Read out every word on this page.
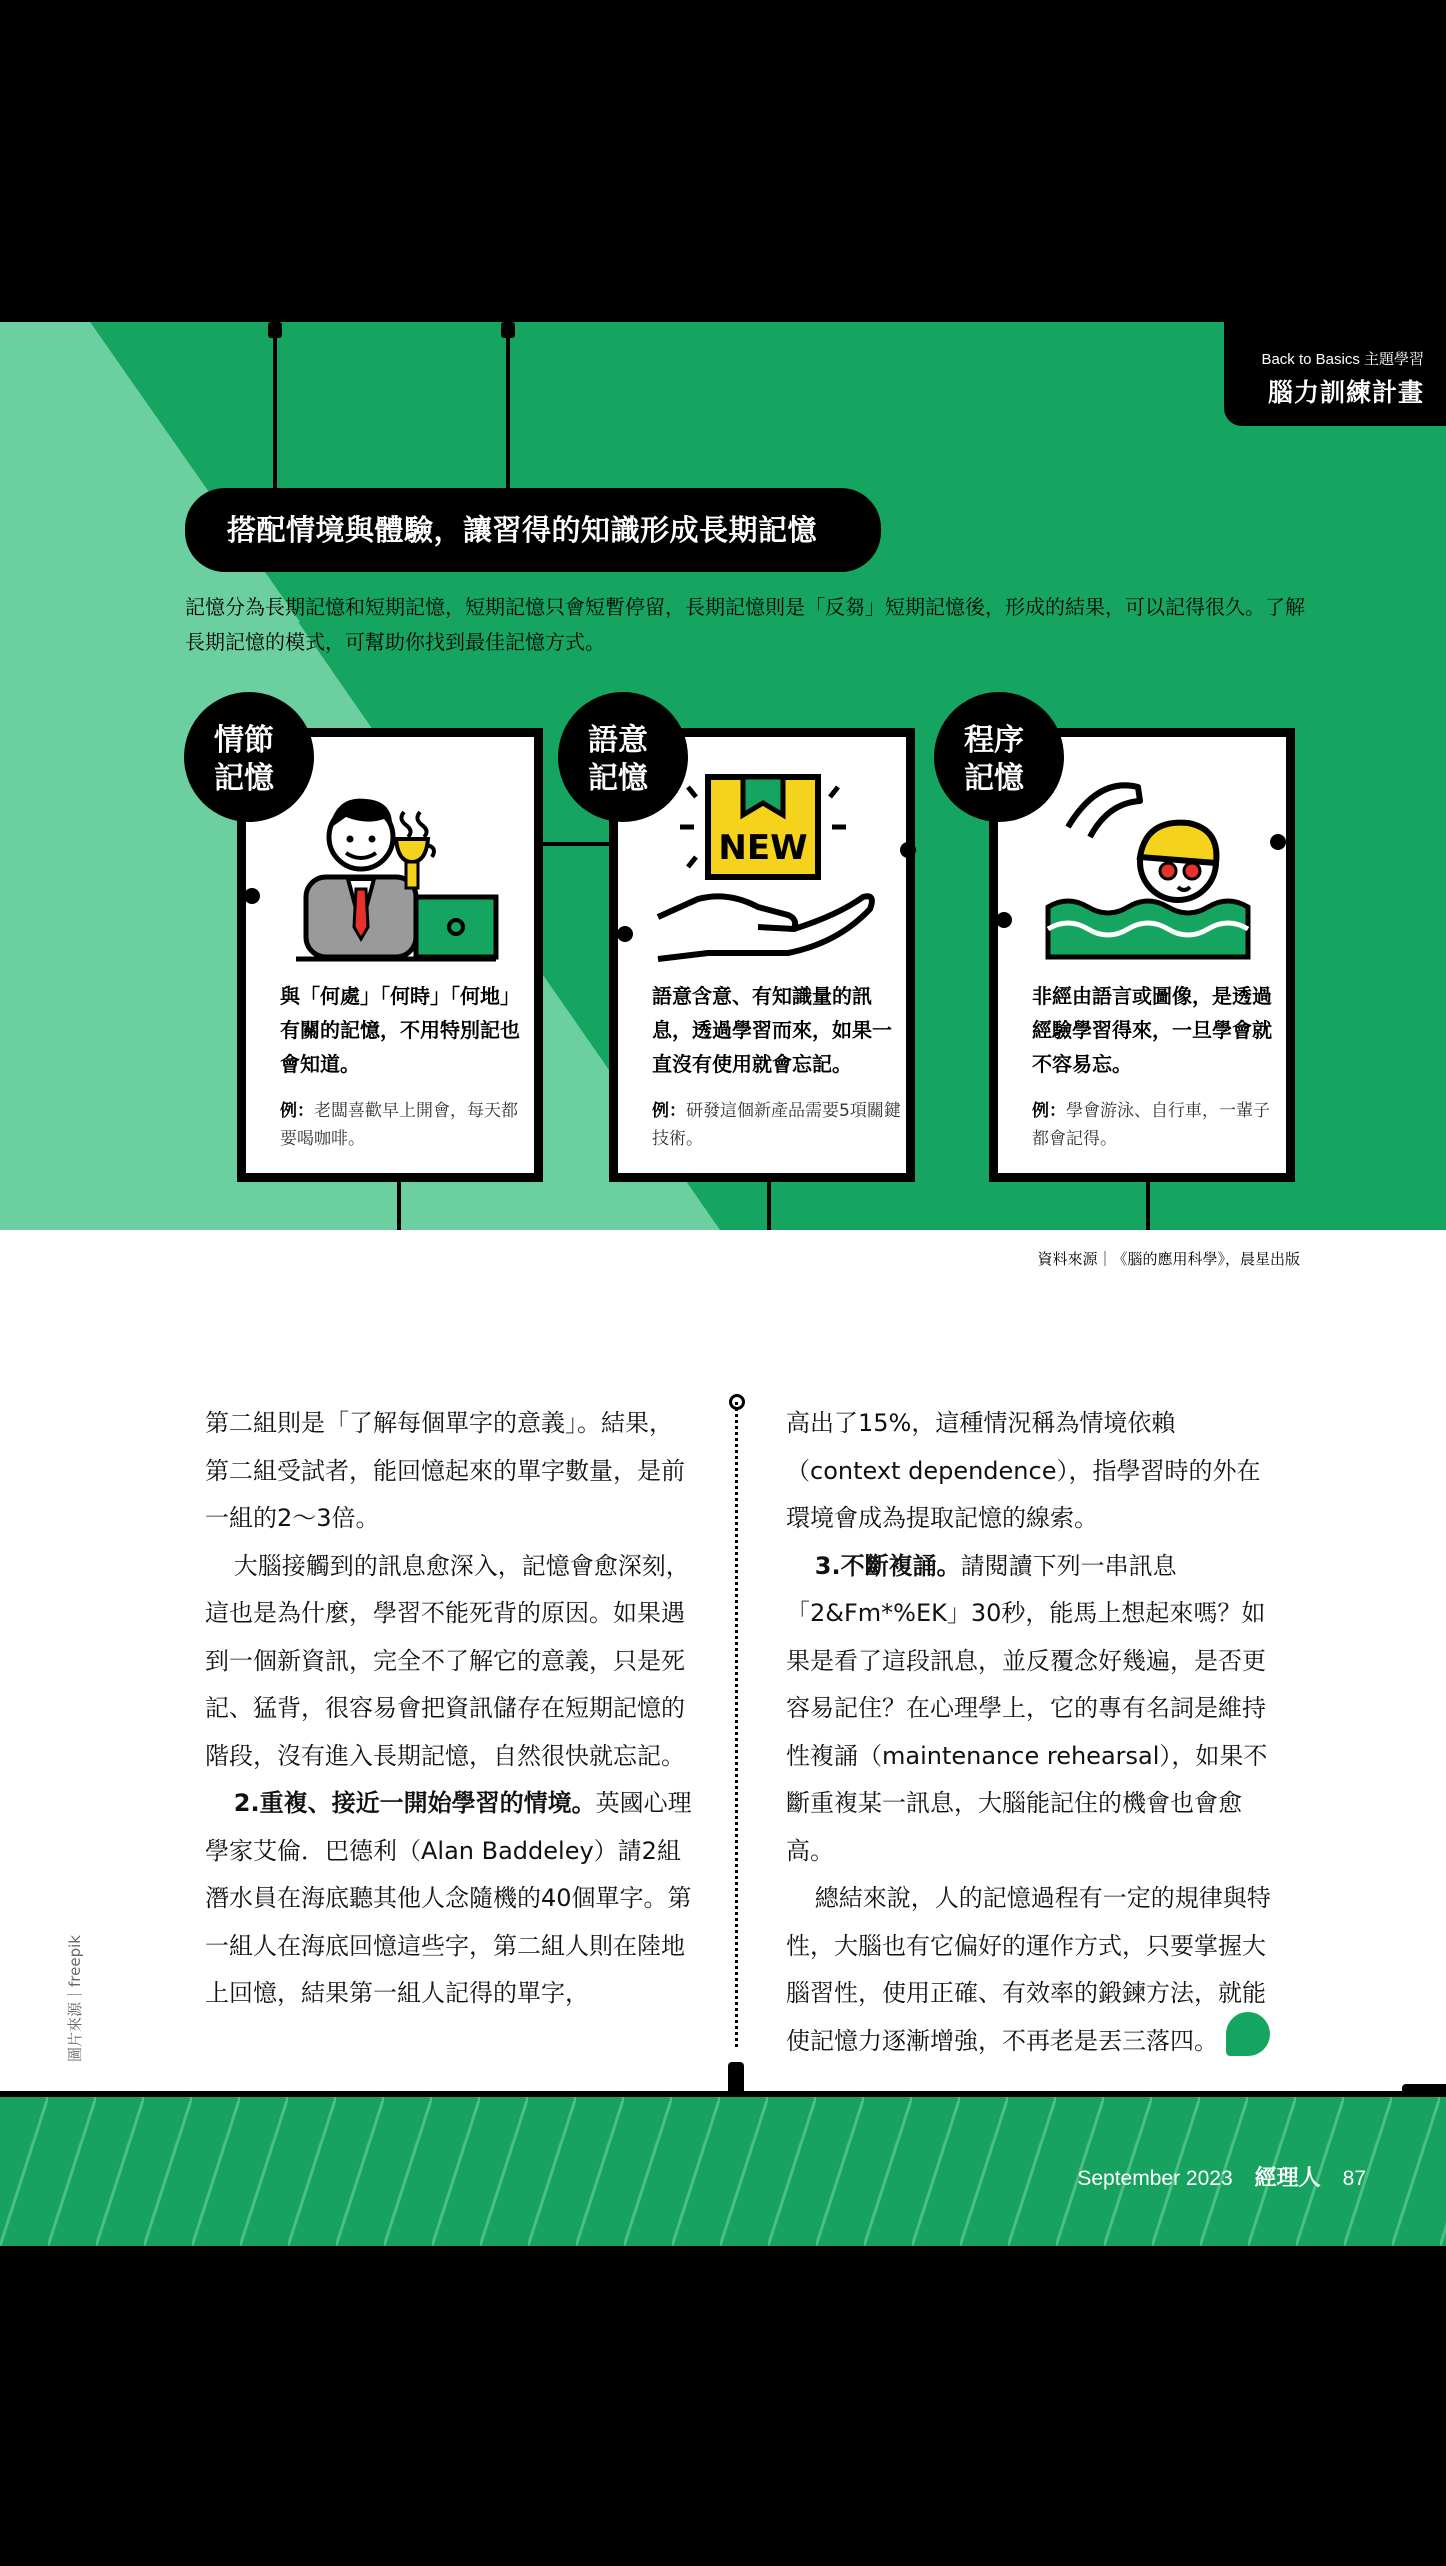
Back to Basics 主題學習
腦力訓練計畫
搭配情境與體驗，讓習得的知識形成長期記憶
記憶分為長期記憶和短期記憶，短期記憶只會短暫停留，長期記憶則是「反芻」短期記憶後，形成的結果，可以記得很久。了解長期記憶的模式，可幫助你找到最佳記憶方式。
與「何處」「何時」「何地」有關的記憶，不用特別記也會知道。
例：老闆喜歡早上開會，每天都要喝咖啡。
情節
記憶
NEW
語意含意、有知識量的訊息，透過學習而來，如果一直沒有使用就會忘記。
例：研發這個新產品需要5項關鍵技術。
語意
記憶
非經由語言或圖像，是透過經驗學習得來，一旦學會就不容易忘。
例：學會游泳、自行車，一輩子都會記得。
程序
記憶
資料來源｜《腦的應用科學》，晨星出版

第二組則是「了解每個單字的意義」。結果，第二組受試者，能回憶起來的單字數量，是前一組的2～3倍。

大腦接觸到的訊息愈深入，記憶會愈深刻，這也是為什麼，學習不能死背的原因。如果遇到一個新資訊，完全不了解它的意義，只是死記、猛背，很容易會把資訊儲存在短期記憶的階段，沒有進入長期記憶，自然很快就忘記。

2.重複、接近一開始學習的情境。英國心理學家艾倫．巴德利（Alan Baddeley）請2組潛水員在海底聽其他人念隨機的40個單字。第一組人在海底回憶這些字，第二組人則在陸地上回憶，結果第一組人記得的單字，

高出了15%，這種情況稱為情境依賴（context dependence），指學習時的外在環境會成為提取記憶的線索。

3.不斷複誦。請閱讀下列一串訊息「2&Fm*%EK」30秒，能馬上想起來嗎？如果是看了這段訊息，並反覆念好幾遍，是否更容易記住？在心理學上，它的專有名詞是維持性複誦（maintenance rehearsal），如果不斷重複某一訊息，大腦能記住的機會也會愈高。

總結來說，人的記憶過程有一定的規律與特性，大腦也有它偏好的運作方式，只要掌握大腦習性，使用正確、有效率的鍛鍊方法，就能使記憶力逐漸增強，不再老是丟三落四。

圖片來源｜freepik
September 2023 經理人 87
